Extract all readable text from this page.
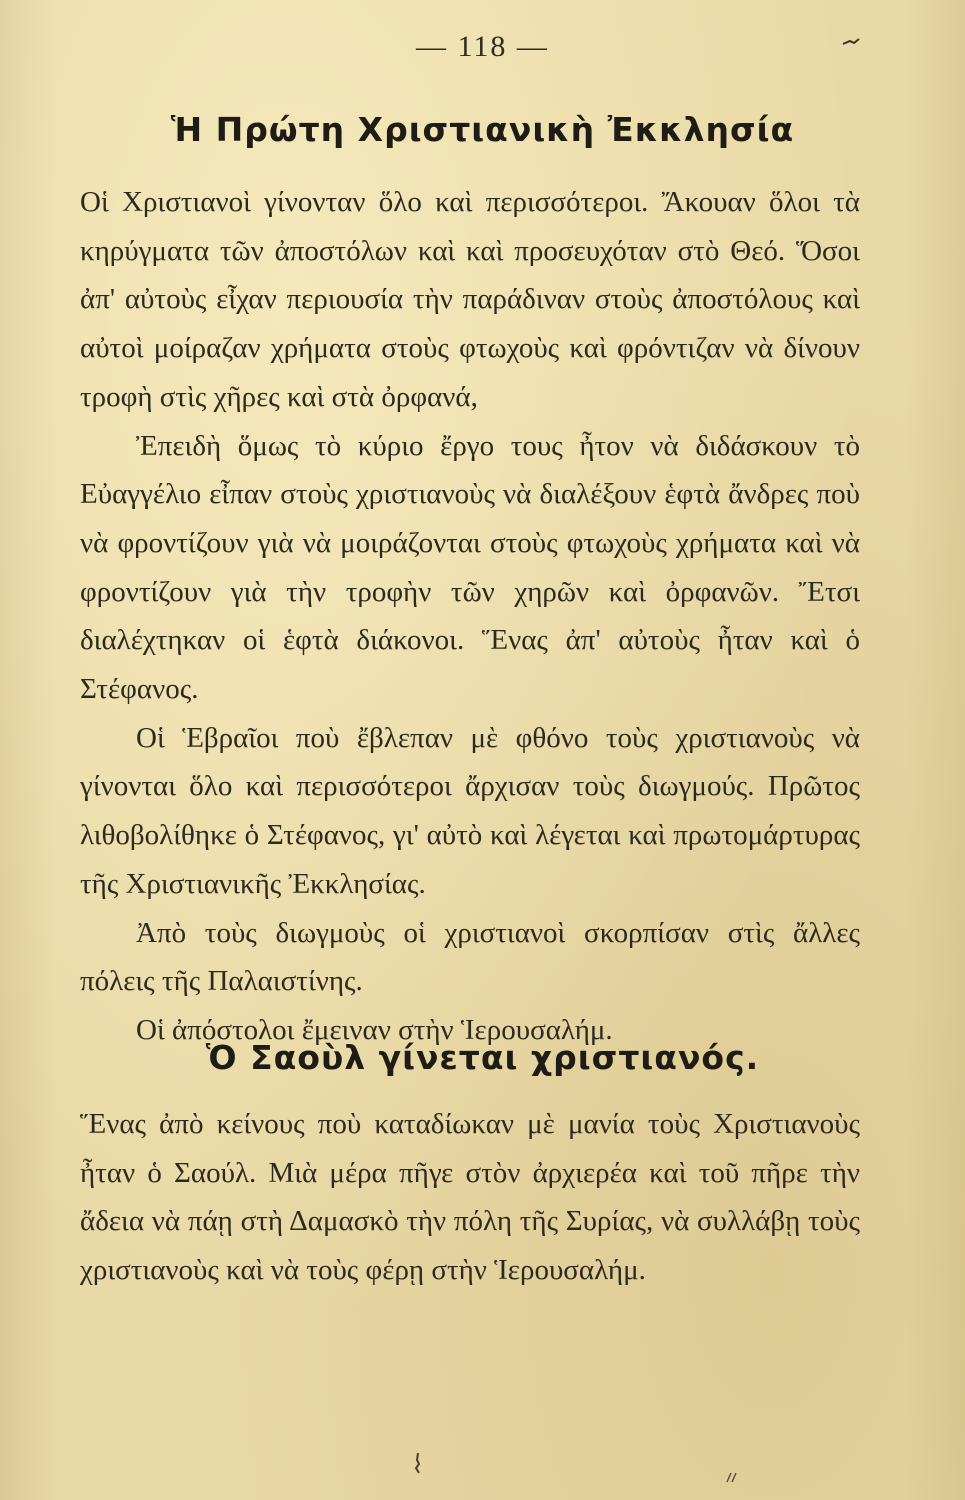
— 118 —
Ἡ Πρώτη Χριστιανικὴ Ἐκκλησία

Οἱ Χριστιανοὶ γίνονταν ὅλο καὶ περισσότεροι. Ἄκουαν ὅλοι τὰ κηρύγματα τῶν ἀποστόλων καὶ καὶ προσευχόταν στὸ Θεό. Ὅσοι ἀπ' αὐτοὺς εἶχαν περιουσία τὴν παράδιναν στοὺς ἀποστόλους καὶ αὐτοὶ μοίραζαν χρήματα στοὺς φτωχοὺς καὶ φρόντιζαν νὰ δίνουν τροφὴ στὶς χῆρες καὶ στὰ ὀρφανά,

Ἐπειδὴ ὅμως τὸ κύριο ἔργο τους ἦτον νὰ διδάσκουν τὸ Εὐαγγέλιο εἶπαν στοὺς χριστιανοὺς νὰ διαλέξουν ἑφτὰ ἄνδρες ποὺ νὰ φροντίζουν γιὰ νὰ μοιράζονται στοὺς φτωχοὺς χρήματα καὶ νὰ φροντίζουν γιὰ τὴν τροφὴν τῶν χηρῶν καὶ ὀρφανῶν. Ἔτσι διαλέχτηκαν οἱ ἑφτὰ διάκονοι. Ἕνας ἀπ' αὐτοὺς ἦταν καὶ ὁ Στέφανος.

Οἱ Ἑβραῖοι ποὺ ἔβλεπαν μὲ φθόνο τοὺς χριστιανοὺς νὰ γίνονται ὅλο καὶ περισσότεροι ἄρχισαν τοὺς διωγμούς. Πρῶτος λιθοβολίθηκε ὁ Στέφανος, γι' αὐτὸ καὶ λέγεται καὶ πρωτομάρτυρας τῆς Χριστιανικῆς Ἐκκλησίας.

Ἀπὸ τοὺς διωγμοὺς οἱ χριστιανοὶ σκορπίσαν στὶς ἄλλες πόλεις τῆς Παλαιστίνης.

Οἱ ἀπόστολοι ἔμειναν στὴν Ἱερουσαλήμ.

Ὁ Σαοὺλ γίνεται χριστιανός.

Ἕνας ἀπὸ κείνους ποὺ καταδίωκαν μὲ μανία τοὺς Χριστιανοὺς ἦταν ὁ Σαούλ. Μιὰ μέρα πῆγε στὸν ἀρχιερέα καὶ τοῦ πῆρε τὴν ἄδεια νὰ πάῃ στὴ Δαμασκὸ τὴν πόλη τῆς Συρίας, νὰ συλλάβῃ τοὺς χριστιανοὺς καὶ νὰ τοὺς φέρῃ στὴν Ἱερουσαλήμ.
